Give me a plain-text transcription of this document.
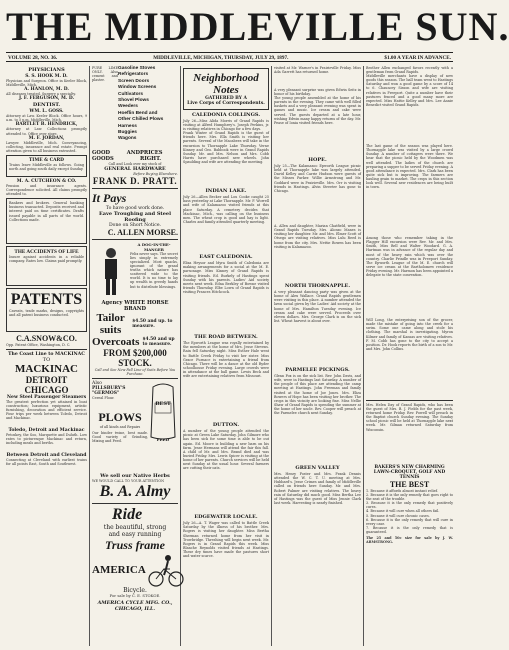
THE MIDDLEVILLE SUN.
VOLUME 28, NO. 36.	MIDDLEVILLE, MICHIGAN, THURSDAY, JULY 29, 1897.	$1.00 A YEAR IN ADVANCE.
PHYSICIANS
S. S. HOOK M. D.
Physician and Surgeon. Office in Keeler Block, Middleville, Mich.
A. HANLON, M. D.
All diseases treated. Surgery a specialty.
J. F. FERGUSON, M. D.
DENTIST.
WM. L. GOSS.
Attorney at Law. Keeler Block. Office hours, 9 a.m. to 5 p.m. Middleville, Mich.
BARTLET B. HENDRICK,
Attorney at Law. Collections promptly attended to. Office over store.
M. F. JORDAN,
Lawyer. Middleville, Mich. Conveyancing, collecting, insurance and real estate. Prompt attention given to all business entrusted.
TIME & CARD
Trains leave Middleville as follows. Going north and going south daily except Sunday.
M. A. CUTCHEON & CO.
Pension and insurance agents. Correspondence solicited. All claims promptly attended to.
Bankers and brokers. General banking business transacted. Deposits received and interest paid on time certificates. Drafts issued payable in all parts of the world. Collections made.
THE ACCIDENTS OF LIFE
Insure against accidents in a reliable company. Rates low. Claims paid promptly.
PATENTS
Caveats, trade marks, designs, copyrights and all patent business conducted.
C.A.SNOW&CO.
Opp. Patent Office, Washington, D. C.
The Coast Line to MACKINAC
TO
MACKINAC
DETROIT
CHICAGO
New Steel Passenger Steamers
The greatest perfection yet attained in boat construction; luxurious equipment, artistic furnishing, decoration and efficient service. Four trips per week between Toledo, Detroit and Mackinac.
Toledo, Detroit and Mackinac
Petoskey, the Soo, Marquette and Duluth. Low rates to picturesque Mackinac and return, including meals and berths.
Between Detroit and Cleveland
Connecting at Cleveland with earliest trains for all points East, South and Southwest.
PURE LIME ONLY. Also cement and plaster.
Gasoline Stoves
Refrigerators
Screen Doors
Window Screens
Cultivators
Shovel Plows
Weeders
Hoeflin Bend and
Other Chilled Plows
Harness
Buggies
Wagons
GOOD GOODS
AND PRICES RIGHT.
Call and Look over my stock of
GENERAL HARDWARE
Before Buying Elsewhere.
FRANK D. PRATT.
It Pays
To have good work done.
Eave Troughing and Steel Roofing
Done on Short Notice.
C. ALLEN MORSE.
A DOG-IN-THE-MANGER
Felix never says. The secret lies simply in extremely specialized. Most quacks, ignorant of the grand truths which nature has scattered wide to the world. It is no time to lay up wealth in greedy hands but to distribute blessings.
Agency WHITE HORSE BRAND
Tailor suits
$4.50 and up. to measure.
Overcoats $4.50 and up to measure.
FROM $200,000 STOCK.
Call and See New Fall Line of Suits Before You Purchase.
Also
PILLSBURY'S "GERMOS"
Cereal Flour.
PLOWS
of all kinds and Repairs
Our binder twine, best made. Good variety of Grinding, Mixing and Feed.
BEST
FEED
We sell our Native Herbs
WE WOULD CALL TO YOUR ATTENTION
B. A. Almy
Ride
the beautiful, strong
and easy running
Truss frame
AMERICA
Bicycle.
For sale by C. E. STOKOE.
AMERICA CYCLE MFG. CO., CHICAGO, ILL.
Neighborhood Notes
GATHERED BY A
Live Corps of Correspondents.
CALEDONIA COLLINGS.
July 26—Miss Alida Morris of Grand Rapids is visiting at Alfred Humphrey's. Joseph Perkins, jr. is visiting relatives in Chicago for a few days.
Frank Winter of Grand Rapids is the guest of friends here. Mrs. Ella Smith is visiting her parents. Several of the Macabees will take in the excursion to Thornapple Lake Thursday. Verne Kinney and Geo. Babbook were in Grand Rapids Sunday. Mr. and Mrs. Nelson and Mrs. Cobb Harris have purchased new wheels. John Spaulding and wife are attending the meeting.
INDIAN LAKE.
July 26—Allen Becker and Lou Cooke caught 25 bass yesterday at Lake Thornapple. Mr. F. Worrell and wife of Kalamazoo visited friends at this place Saturday. A cemetery decides that Mackinac, Mich., was calling on the business men. The wheat crop is good and hay is light. Charles and family attended quarterly meeting.
EAST CALEDONIA.
Eliza Heysor and Myra Smith of Caledonia are making arrangements for a social at the M. E. parsonage. Miss Kinney of Grand Rapids is visiting friends. Ed. Burkely of Hastings spent Sunday with his parents. Ladies' Aid society meets next week. Edna Berkley of Bowne visited friends Thursday. Elbe Lown of Grand Rapids is visiting Frances Hitchcock.
THE ROAD BETWEEN.
The Epworth League was royally entertained by the members at the home of Mrs. Jesse Stevens. Rain fell Saturday night. Miss Esther Hale went to Battle Creek Friday to visit her sister. Miss Grace Furnace is entertaining a friend from Chicago. There will be a dance at the old Ryder schoolhouse Friday evening. Large crowds were in attendance at the ball game. Lewis Beck and wife are entertaining relatives from Missouri.
DUTTON.
A number of the young people attended the picnic at Green Lake Saturday. John Gilmore who has been sick for some time is able to be out again. Ed. Moore is building a new barn on his farm. Jesse Hermans will attend the fair this fall. A child of Mr. and Mrs. Brand died and was buried Friday. Mrs. Lewis Spicer is visiting at the home of her parents. Church services will be held next Sunday at the usual hour. Several farmers are cutting their oats.
EDGEWATER LOCALE.
July 26—A. T. Wager was called to Battle Creek Saturday by the illness of his brother. Mrs. Rogers is visiting her daughter. Miss Bertha Sherman returned home from her visit in Trowbridge. Threshing will begin next week. Mr. Rogers is in Grand Rapids this week. Miss Blanche Reynolds visited friends at Hastings. These dry times have made the pastures short and water scarce.
visited at Mr. Warner's in Prairieville Friday. Miss Ada Garrett has returned home.
A very pleasant surprise was given Edwin Seitz in honor of his birthday.
The young people assembled at the home of his parents in the evening. They came with well filled baskets and a very pleasant evening was spent in games and music. Ice cream and cake were served. The guests departed at a late hour, wishing Edwin many happy returns of the day. Mr. Pease of Ionia visited friends here.
HOPE.
July 25—The Kalamazoo Epworth League picnic held at Thornapple lake was largely attended. David Kelley and Carrie Hudson were guests of the Misses Parker. Willie Armstrong and Mr. Goddard were in Prairieville. Mrs. Orr is visiting friends in Hastings. Alvin Streeter has gone to Chicago.
A. Allen and daughter, Marian Chatfield, were in Grand Rapids Tuesday. Mrs. Alonzo Manes is visiting her daughter. Mr. and Mrs. Elmer Scott of Otsego are visiting relatives. Miss Lulu Reed is home from the city. Mrs. Nettie Bowen has been visiting in Kalamazoo.
NORTH THORNAPPLE.
A very pleasant dancing party was given at the home of Alex Wallace. Grand Rapids gentlemen were visiting in this place. A number attended the lawn social given by the Ladies' Aid society at the home of Mrs. Hamilton Tuesday evening. Ice cream and cake were served. Proceeds over eleven dollars. Mrs. George Clark is on the sick list. Wheat harvest is about over.
PARMELEE PICKINGS.
Glenn Fox is on the sick list. Rev. John Davis, and wife, were in Hastings last Saturday. A number of the people of this place are attending the camp meeting at Hastings. John Freeman and family visited at the home of Joe Jones. Mrs. Eliza Bowers of Hope has been visiting her brother. The crops in this vicinity are looking fine. Miss Nellie Shaw of Grand Rapids is spending the summer at the home of her uncle. Rev. Cooper will preach at the Parmelee church next Sunday.
GREEN VALLEY
Mrs. Henry Foster and Mrs. Frank Dennis attended the W. C. T. U. meeting at Mrs. Hubbard's. Jesse Crimes and family of Middleville called on friends here Sunday. Mr. and Mrs. Robert Palmer are visiting relatives. The heavy rain of Saturday did much good. Miss Bertha Lee of Hastings was the guest of Miss Jennie Clark last week. Harvesting is nearly finished.
Brother Allen exchanged favors recently with a gentleman from Grand Rapids.
Middleville merchants have a display of new goods this season. The ball team went to Hastings Saturday and won a good game by a score of 14 to 6. Chauncey Sisson and wife are visiting relatives in Freeport. Quite a number have their pastures fenced and a good many more are expected. Miss Hattie Kelley and Mrs. Lee Annie Benedict visited Grand Rapids.
The last game of the season was played here. Thornapple lake was visited by a large crowd Sunday. A number of cottagers were there. We hear that the picnic held by the Woodmen was well attended. The ladies of the church are preparing a supper to be served Friday evening. A good attendance is expected. Mrs. Clark has been quite sick but is improving. The farmers are hauling grain to market. The crops in this section look well. Several new residences are being built in town.
Among those who remember taking in the Flagger Hill excursion were Rev. Mr. and Mrs. Smith, Miss Bell and Walter Woodard. G. A. Hartman was in advance of the regular day and most of the heavy rain which was over the country. Charlie Prindle was in Freeport Sunday. The Epworth League of the M. E. church will serve ice cream at the Bartholomew residence Friday evening. Mr. Harmon has been appointed a delegate to the state convention.
Will Long, the enterprising son of the grocer, made the mistake of going into the creek for a swim. Some one came along and stole his clothing. The marshal is investigating. Myron Kilmer and family of Kansas are visiting relatives. F. M. Cobb has gone to the city to accept a position. Dr. Hook reports the birth of a son to Mr. and Mrs. John Collins.
Mrs. Helen Day of Grand Rapids, who has been the guest of Mrs. B. J. Fields for the past week, returned home Friday. Rev. Powell will preach in the Baptist church Sunday evening. The Sunday school picnic will be held at Thornapple lake next week. Mr. Gilman returned Saturday from Wisconsin.
BAKERS'S NEW CHARMING LAWN-CROQUET, GOLF AND TENNIS
THE BEST
1. Because it affords almost instant relief.
2. Because it is the only remedy that goes right to the seat of the trouble.
3. Because it is the only remedy that positively cures.
4. Because it will cure when all others fail.
5. Because it will cure chronic cases.
6. Because it is the only remedy that will cure in every case.
7. Because it is the only remedy that is guaranteed.
The 25 and 50c size for sale by J. W. ARMSTRONG.
